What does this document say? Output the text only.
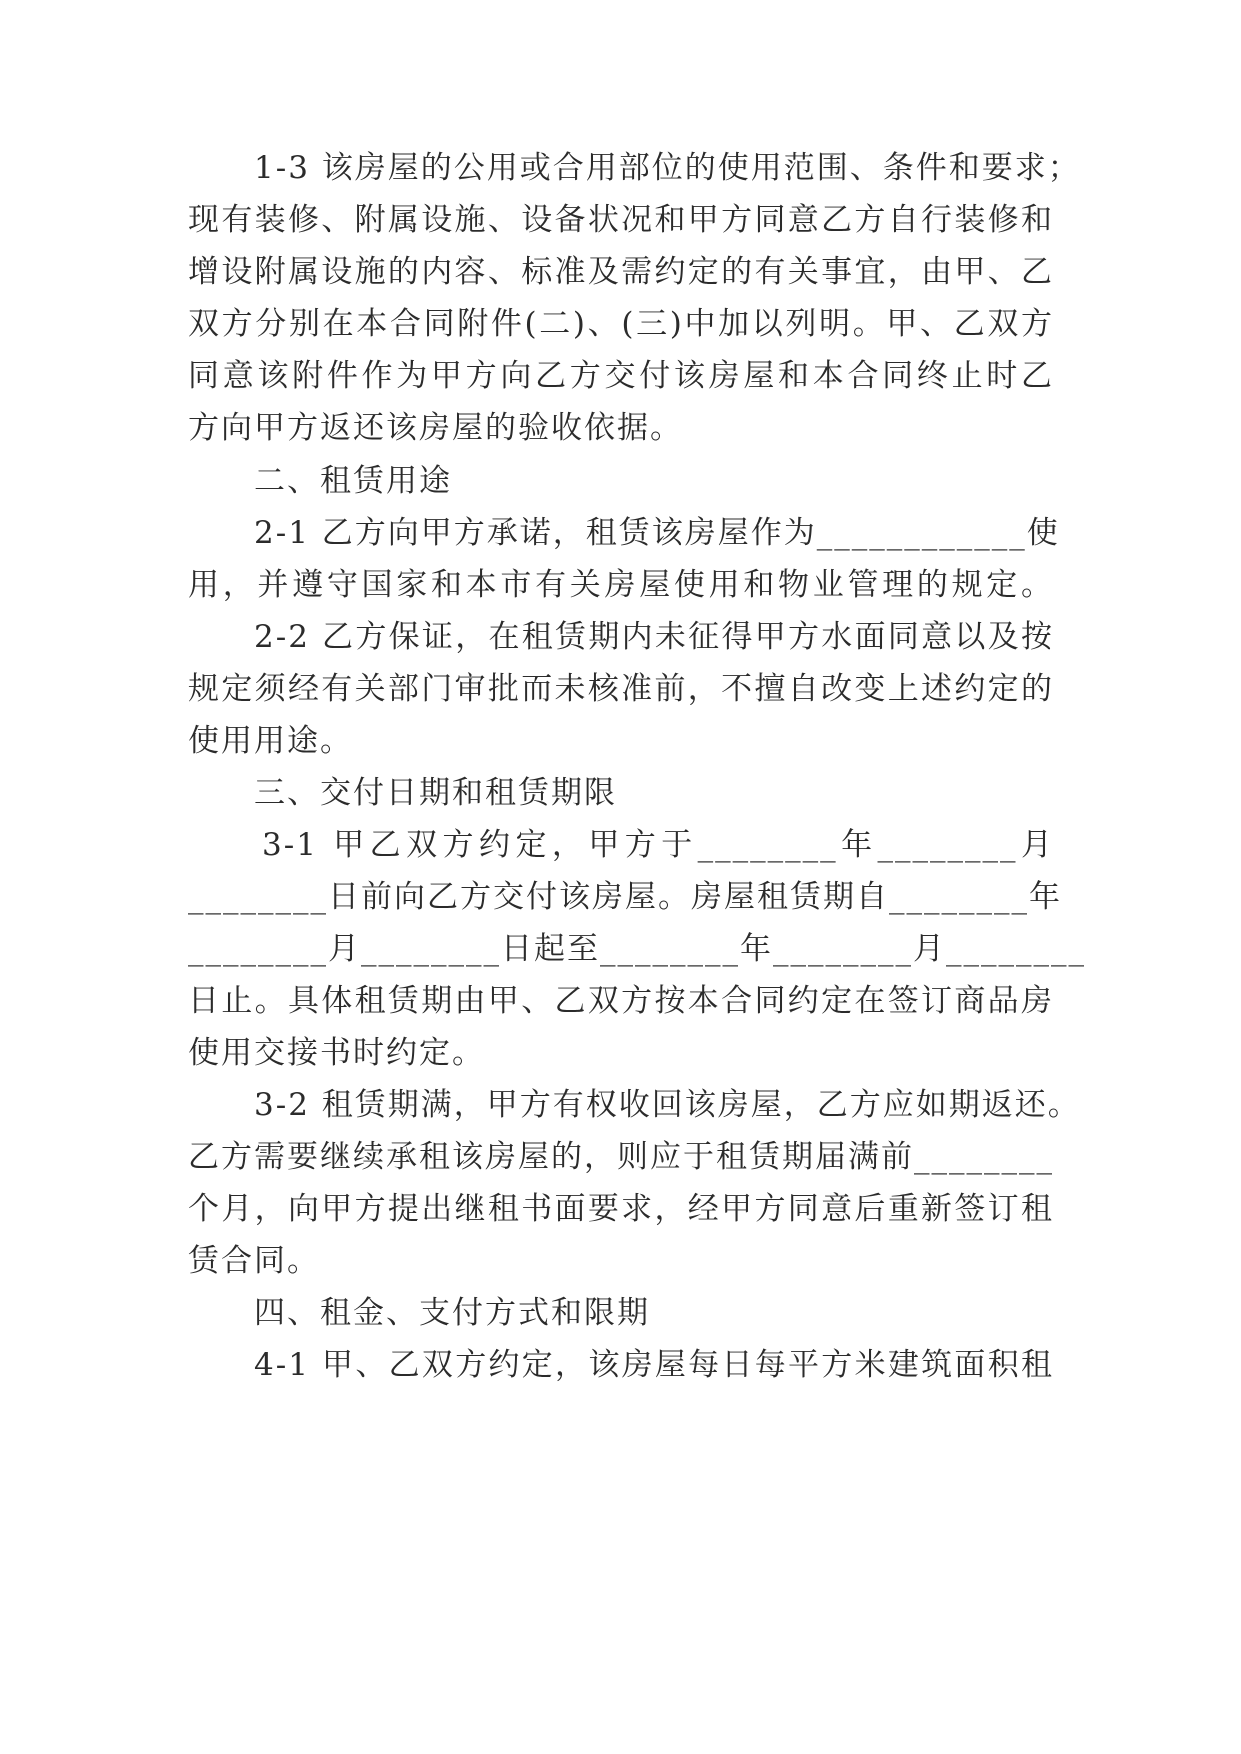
1-3 该房屋的公用或合用部位的使用范围、条件和要求；
现有装修、附属设施、设备状况和甲方同意乙方自行装修和
增设附属设施的内容、标准及需约定的有关事宜，由甲、乙
双方分别在本合同附件(二)、(三)中加以列明。甲、乙双方
同意该附件作为甲方向乙方交付该房屋和本合同终止时乙
方向甲方返还该房屋的验收依据。
二、租赁用途
2-1 乙方向甲方承诺，租赁该房屋作为____________使
用，并遵守国家和本市有关房屋使用和物业管理的规定。
2-2 乙方保证，在租赁期内未征得甲方水面同意以及按
规定须经有关部门审批而未核准前，不擅自改变上述约定的
使用用途。
三、交付日期和租赁期限
3-1 甲乙双方约定，甲方于________年________月
________日前向乙方交付该房屋。房屋租赁期自________年
________月________日起至________年________月________
日止。具体租赁期由甲、乙双方按本合同约定在签订商品房
使用交接书时约定。
3-2 租赁期满，甲方有权收回该房屋，乙方应如期返还。
乙方需要继续承租该房屋的，则应于租赁期届满前________
个月，向甲方提出继租书面要求，经甲方同意后重新签订租
赁合同。
四、租金、支付方式和限期
4-1 甲、乙双方约定，该房屋每日每平方米建筑面积租
